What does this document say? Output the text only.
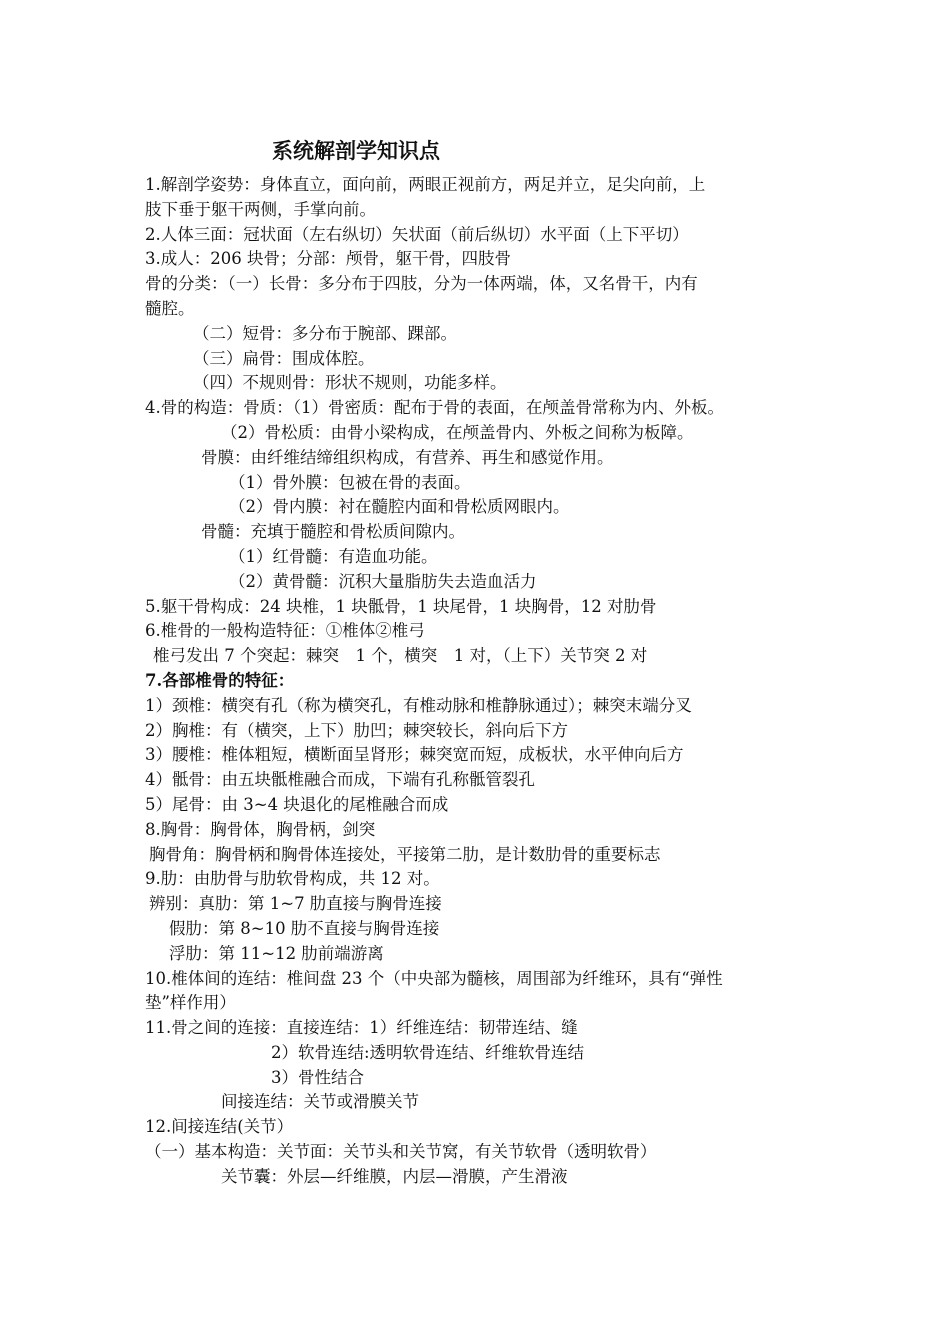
系统解剖学知识点
1.解剖学姿势：身体直立，面向前，两眼正视前方，两足并立，足尖向前，上
肢下垂于躯干两侧，手掌向前。
2.人体三面：冠状面（左右纵切）矢状面（前后纵切）水平面（上下平切）
3.成人：206 块骨；分部：颅骨，躯干骨，四肢骨
骨的分类：（一）长骨：多分布于四肢，分为一体两端，体，又名骨干，内有
髓腔。
（二）短骨：多分布于腕部、踝部。
（三）扁骨：围成体腔。
（四）不规则骨：形状不规则，功能多样。
4.骨的构造：骨质：（1）骨密质：配布于骨的表面，在颅盖骨常称为内、外板。
（2）骨松质：由骨小梁构成，在颅盖骨内、外板之间称为板障。
骨膜：由纤维结缔组织构成，有营养、再生和感觉作用。
（1）骨外膜：包被在骨的表面。
（2）骨内膜：衬在髓腔内面和骨松质网眼内。
骨髓：充填于髓腔和骨松质间隙内。
（1）红骨髓：有造血功能。
（2）黄骨髓：沉积大量脂肪失去造血活力
5.躯干骨构成：24 块椎，1 块骶骨，1 块尾骨，1 块胸骨，12 对肋骨
6.椎骨的一般构造特征：①椎体②椎弓
椎弓发出 7 个突起：棘突　1 个，横突　1 对，（上下）关节突 2 对
7.各部椎骨的特征：
1）颈椎：横突有孔（称为横突孔，有椎动脉和椎静脉通过）；棘突末端分叉
2）胸椎：有（横突，上下）肋凹；棘突较长，斜向后下方
3）腰椎：椎体粗短，横断面呈肾形；棘突宽而短，成板状，水平伸向后方
4）骶骨：由五块骶椎融合而成，下端有孔称骶管裂孔
5）尾骨：由 3~4 块退化的尾椎融合而成
8.胸骨：胸骨体，胸骨柄，剑突
胸骨角：胸骨柄和胸骨体连接处，平接第二肋，是计数肋骨的重要标志
9.肋：由肋骨与肋软骨构成，共 12 对。
辨别：真肋：第 1~7 肋直接与胸骨连接
假肋：第 8~10 肋不直接与胸骨连接
浮肋：第 11~12 肋前端游离
10.椎体间的连结：椎间盘 23 个（中央部为髓核，周围部为纤维环，具有“弹性
垫”样作用）
11.骨之间的连接：直接连结：1）纤维连结：韧带连结、缝
2）软骨连结:透明软骨连结、纤维软骨连结
3）骨性结合
间接连结：关节或滑膜关节
12.间接连结(关节）
（一）基本构造：关节面：关节头和关节窝，有关节软骨（透明软骨）
关节囊：外层—纤维膜，内层—滑膜，产生滑液
